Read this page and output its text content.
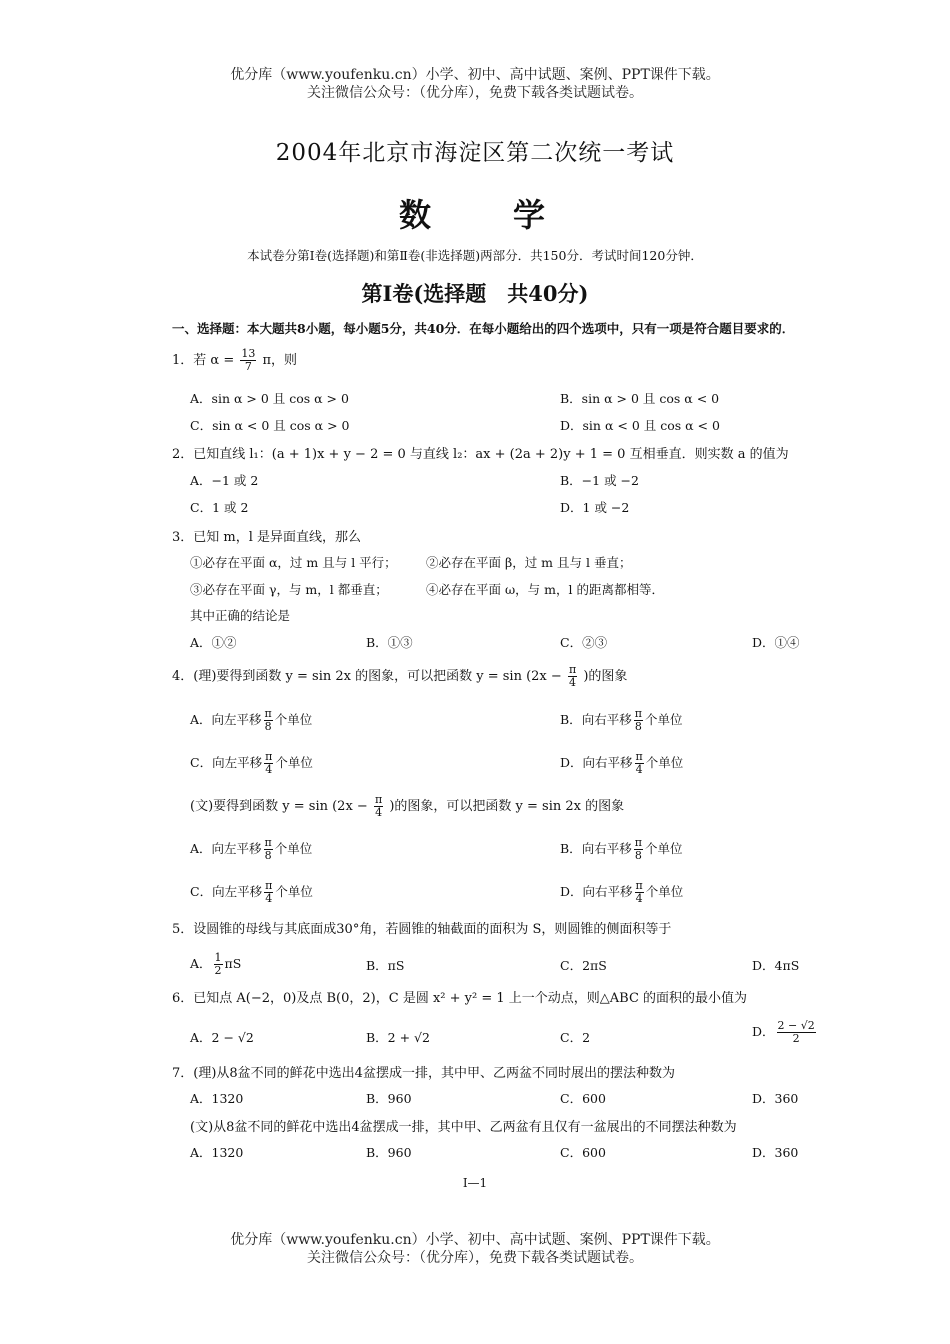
优分库（www.youfenku.cn）小学、初中、高中试题、案例、PPT课件下载。
关注微信公众号：（优分库），免费下载各类试题试卷。
2004年北京市海淀区第二次统一考试
数　　学
本试卷分第Ⅰ卷(选择题)和第Ⅱ卷(非选择题)两部分．共150分．考试时间120分钟．
第Ⅰ卷(选择题　共40分)
一、选择题：本大题共8小题，每小题5分，共40分．在每小题给出的四个选项中，只有一项是符合题目要求的．
1．若 $\alpha = \frac{13}{7}$ π，则
A．sin α > 0 且 cos α > 0	B．sin α > 0 且 cos α < 0
C．sin α < 0 且 cos α > 0	D．sin α < 0 且 cos α < 0
2．已知直线 l₁：(a + 1)x + y − 2 = 0 与直线 l₂：ax + (2a + 2)y + 1 = 0 互相垂直．则实数 a 的值为
A．−1 或 2	B．−1 或 −2
C．1 或 2	D．1 或 −2
3．已知 m，l 是异面直线，那么
①必存在平面 α，过 m 且与 l 平行； ②必存在平面 β，过 m 且与 l 垂直；
③必存在平面 γ，与 m，l 都垂直；	④必存在平面 ω，与 m，l 的距离都相等．
其中正确的结论是
A．①②	B．①③	C．②③	D．①④
4．(理)要得到函数 y = sin 2x 的图象，可以把函数 $y = \sin (2x - \frac{\pi}{4}$ )的图象
A．向左平移 $\frac{\pi}{8}$ 个单位	B．向右平移 $\frac{\pi}{8}$ 个单位
C．向左平移 $\frac{\pi}{4}$ 个单位	D．向右平移 $\frac{\pi}{4}$ 个单位
(文)要得到函数 $y = \sin (2x - \frac{\pi}{4}$ )的图象，可以把函数 y = sin 2x 的图象
A．向左平移 $\frac{\pi}{8}$ 个单位	B．向右平移 $\frac{\pi}{8}$ 个单位
C．向左平移 $\frac{\pi}{4}$ 个单位	D．向右平移 $\frac{\pi}{4}$ 个单位
5．设圆锥的母线与其底面成30°角，若圆锥的轴截面的面积为 S，则圆锥的侧面积等于
A． $\frac{1}{2}$ πS	B．πS	C．2πS	D．4πS
6．已知点 A(−2，0)及点 B(0，2)，C 是圆 x² + y² = 1 上一个动点，则△ABC 的面积的最小值为
A．2 − √2	B．2 + √2	C．2	D． $\frac{2 - √2}{2}$
7．(理)从8盆不同的鲜花中选出4盆摆成一排，其中甲、乙两盆不同时展出的摆法种数为
A．1320	B．960	C．600	D．360
(文)从8盆不同的鲜花中选出4盆摆成一排，其中甲、乙两盆有且仅有一盆展出的不同摆法种数为
A．1320	B．960	C．600	D．360
Ⅰ—1
优分库（www.youfenku.cn）小学、初中、高中试题、案例、PPT课件下载。
关注微信公众号：（优分库），免费下载各类试题试卷。
